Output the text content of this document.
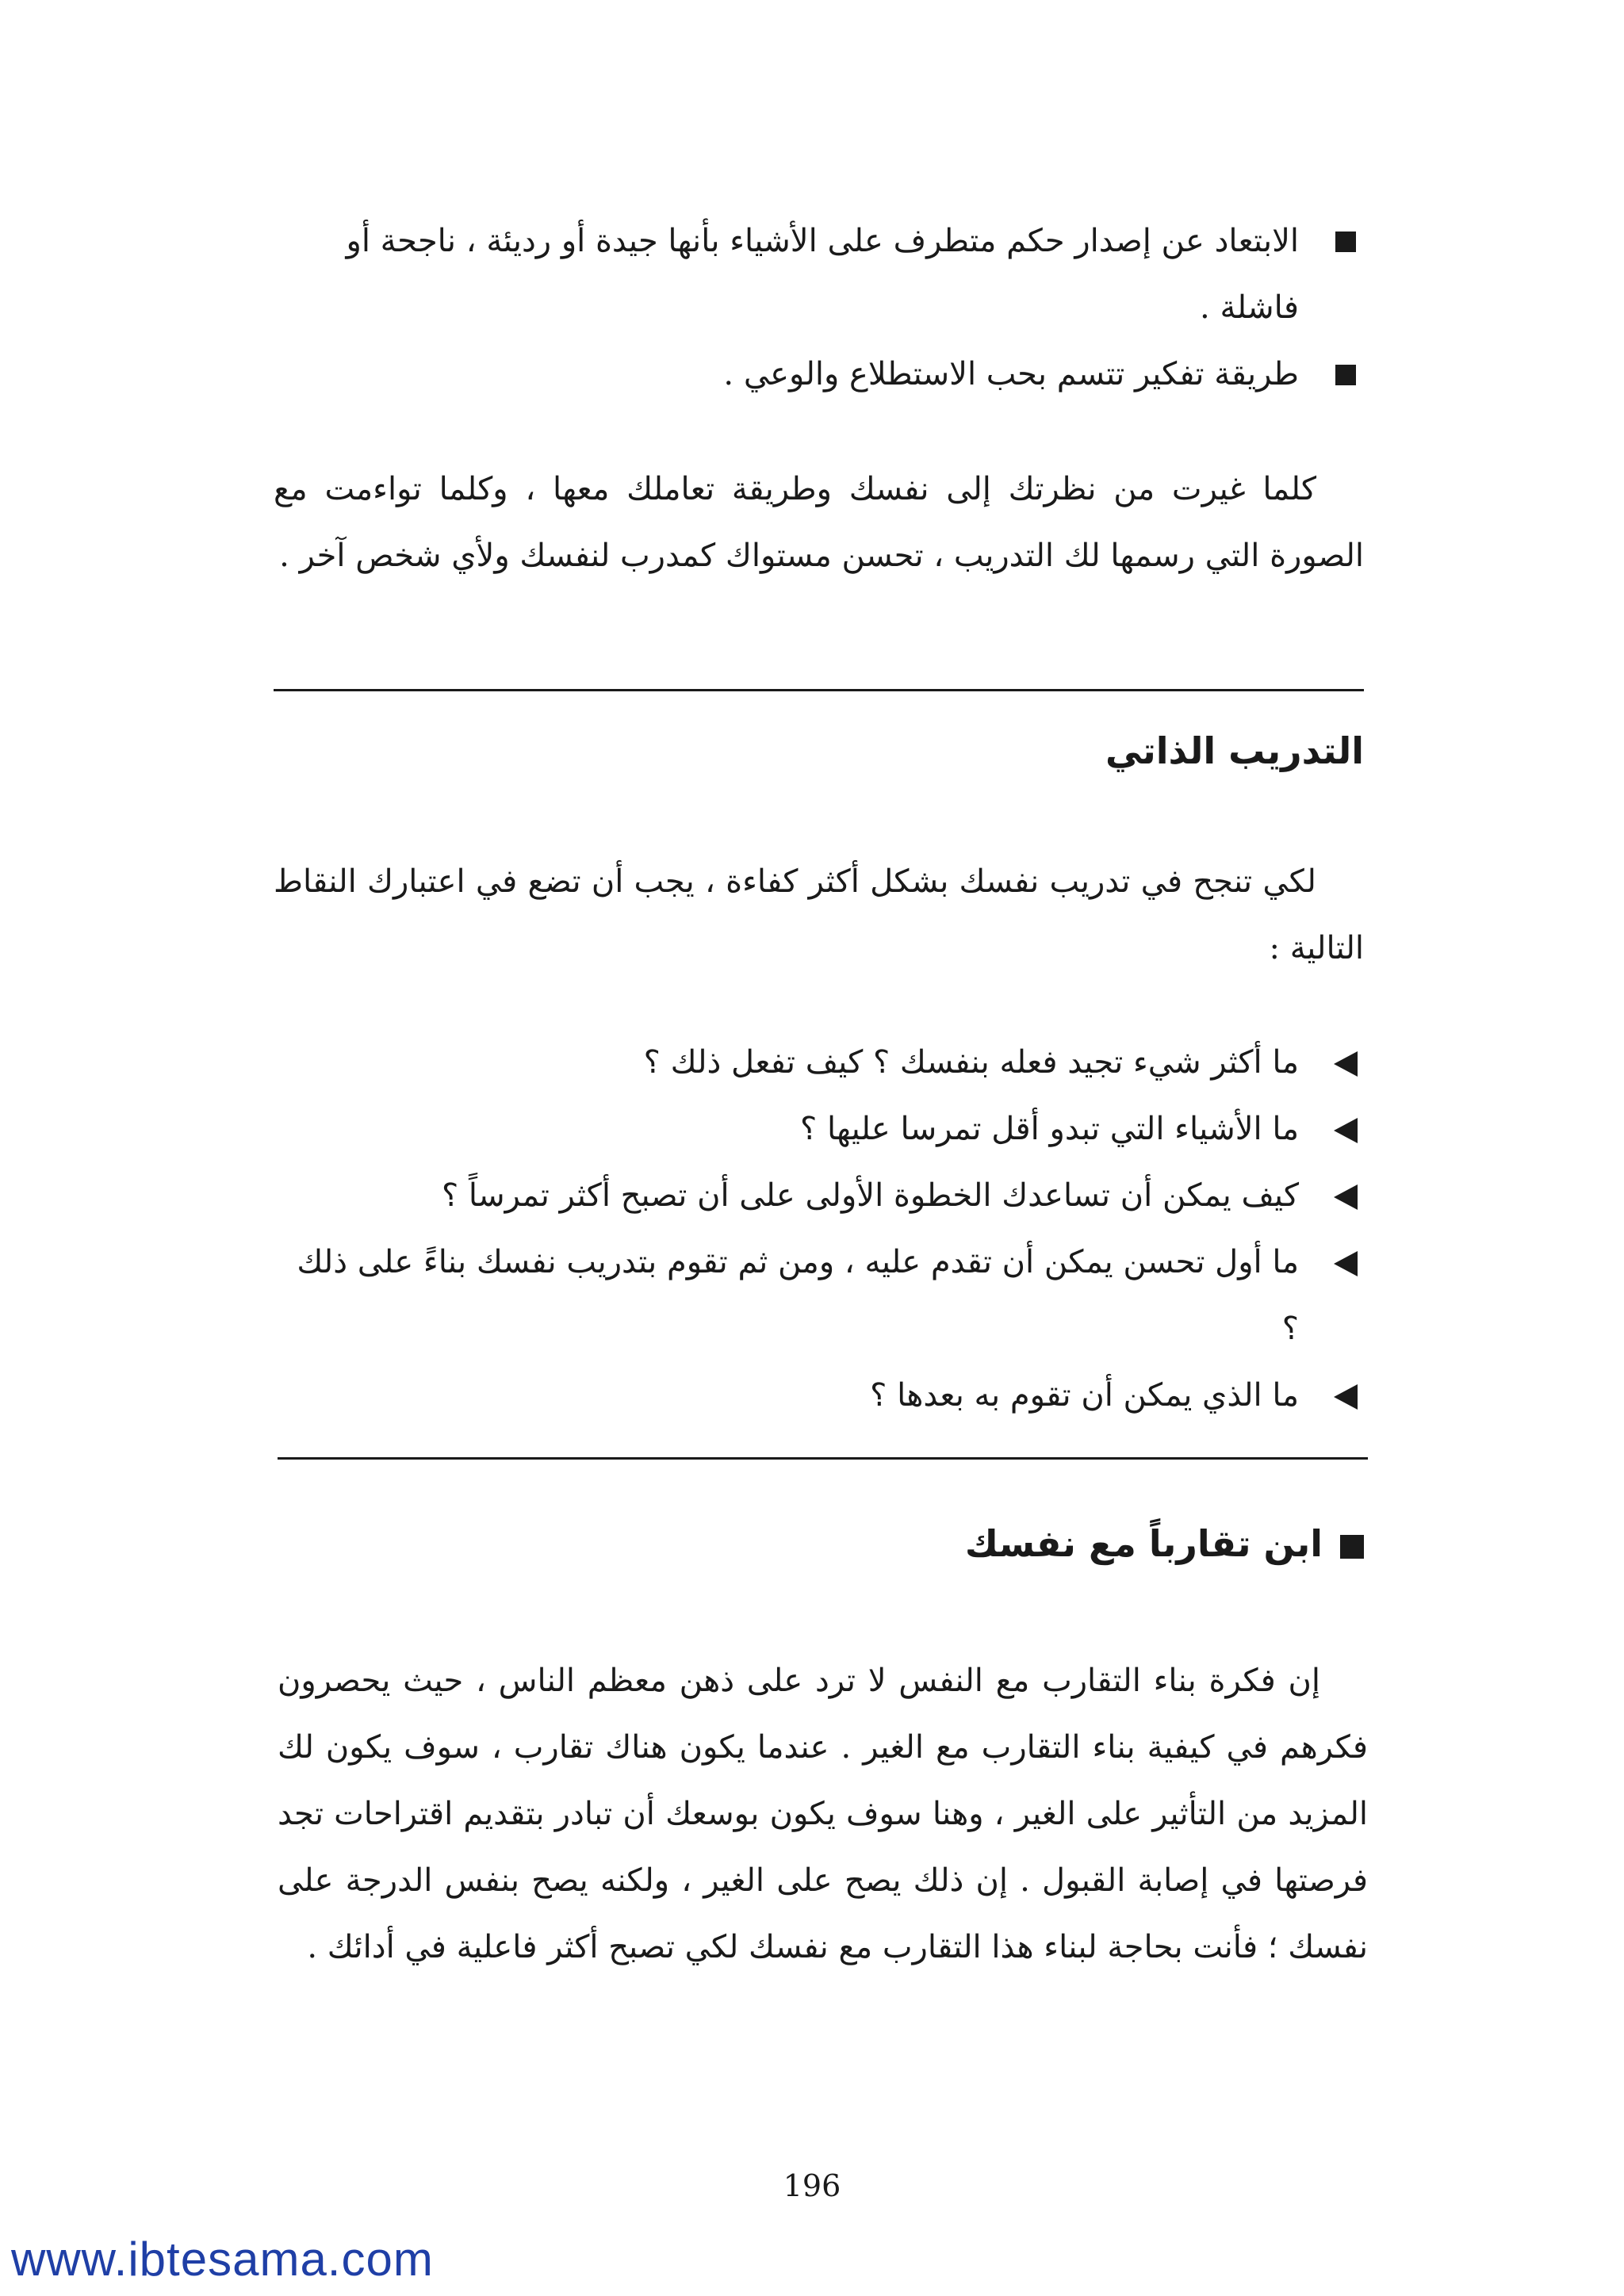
الابتعاد عن إصدار حكم متطرف على الأشياء بأنها جيدة أو رديئة ، ناجحة أو فاشلة .
طريقة تفكير تتسم بحب الاستطلاع والوعي .

كلما غيرت من نظرتك إلى نفسك وطريقة تعاملك معها ، وكلما تواءمت مع الصورة التي رسمها لك التدريب ، تحسن مستواك كمدرب لنفسك ولأي شخص آخر .

التدريب الذاتي

لكي تنجح في تدريب نفسك بشكل أكثر كفاءة ، يجب أن تضع في اعتبارك النقاط التالية :

ما أكثر شيء تجيد فعله بنفسك ؟ كيف تفعل ذلك ؟
ما الأشياء التي تبدو أقل تمرسا عليها ؟
كيف يمكن أن تساعدك الخطوة الأولى على أن تصبح أكثر تمرساً ؟
ما أول تحسن يمكن أن تقدم عليه ، ومن ثم تقوم بتدريب نفسك بناءً على ذلك ؟
ما الذي يمكن أن تقوم به بعدها ؟
ابن تقارباً مع نفسك

إن فكرة بناء التقارب مع النفس لا ترد على ذهن معظم الناس ، حيث يحصرون فكرهم في كيفية بناء التقارب مع الغير . عندما يكون هناك تقارب ، سوف يكون لك المزيد من التأثير على الغير ، وهنا سوف يكون بوسعك أن تبادر بتقديم اقتراحات تجد فرصتها في إصابة القبول . إن ذلك يصح على الغير ، ولكنه يصح بنفس الدرجة على نفسك ؛ فأنت بحاجة لبناء هذا التقارب مع نفسك لكي تصبح أكثر فاعلية في أدائك .

196
www.ibtesama.com
